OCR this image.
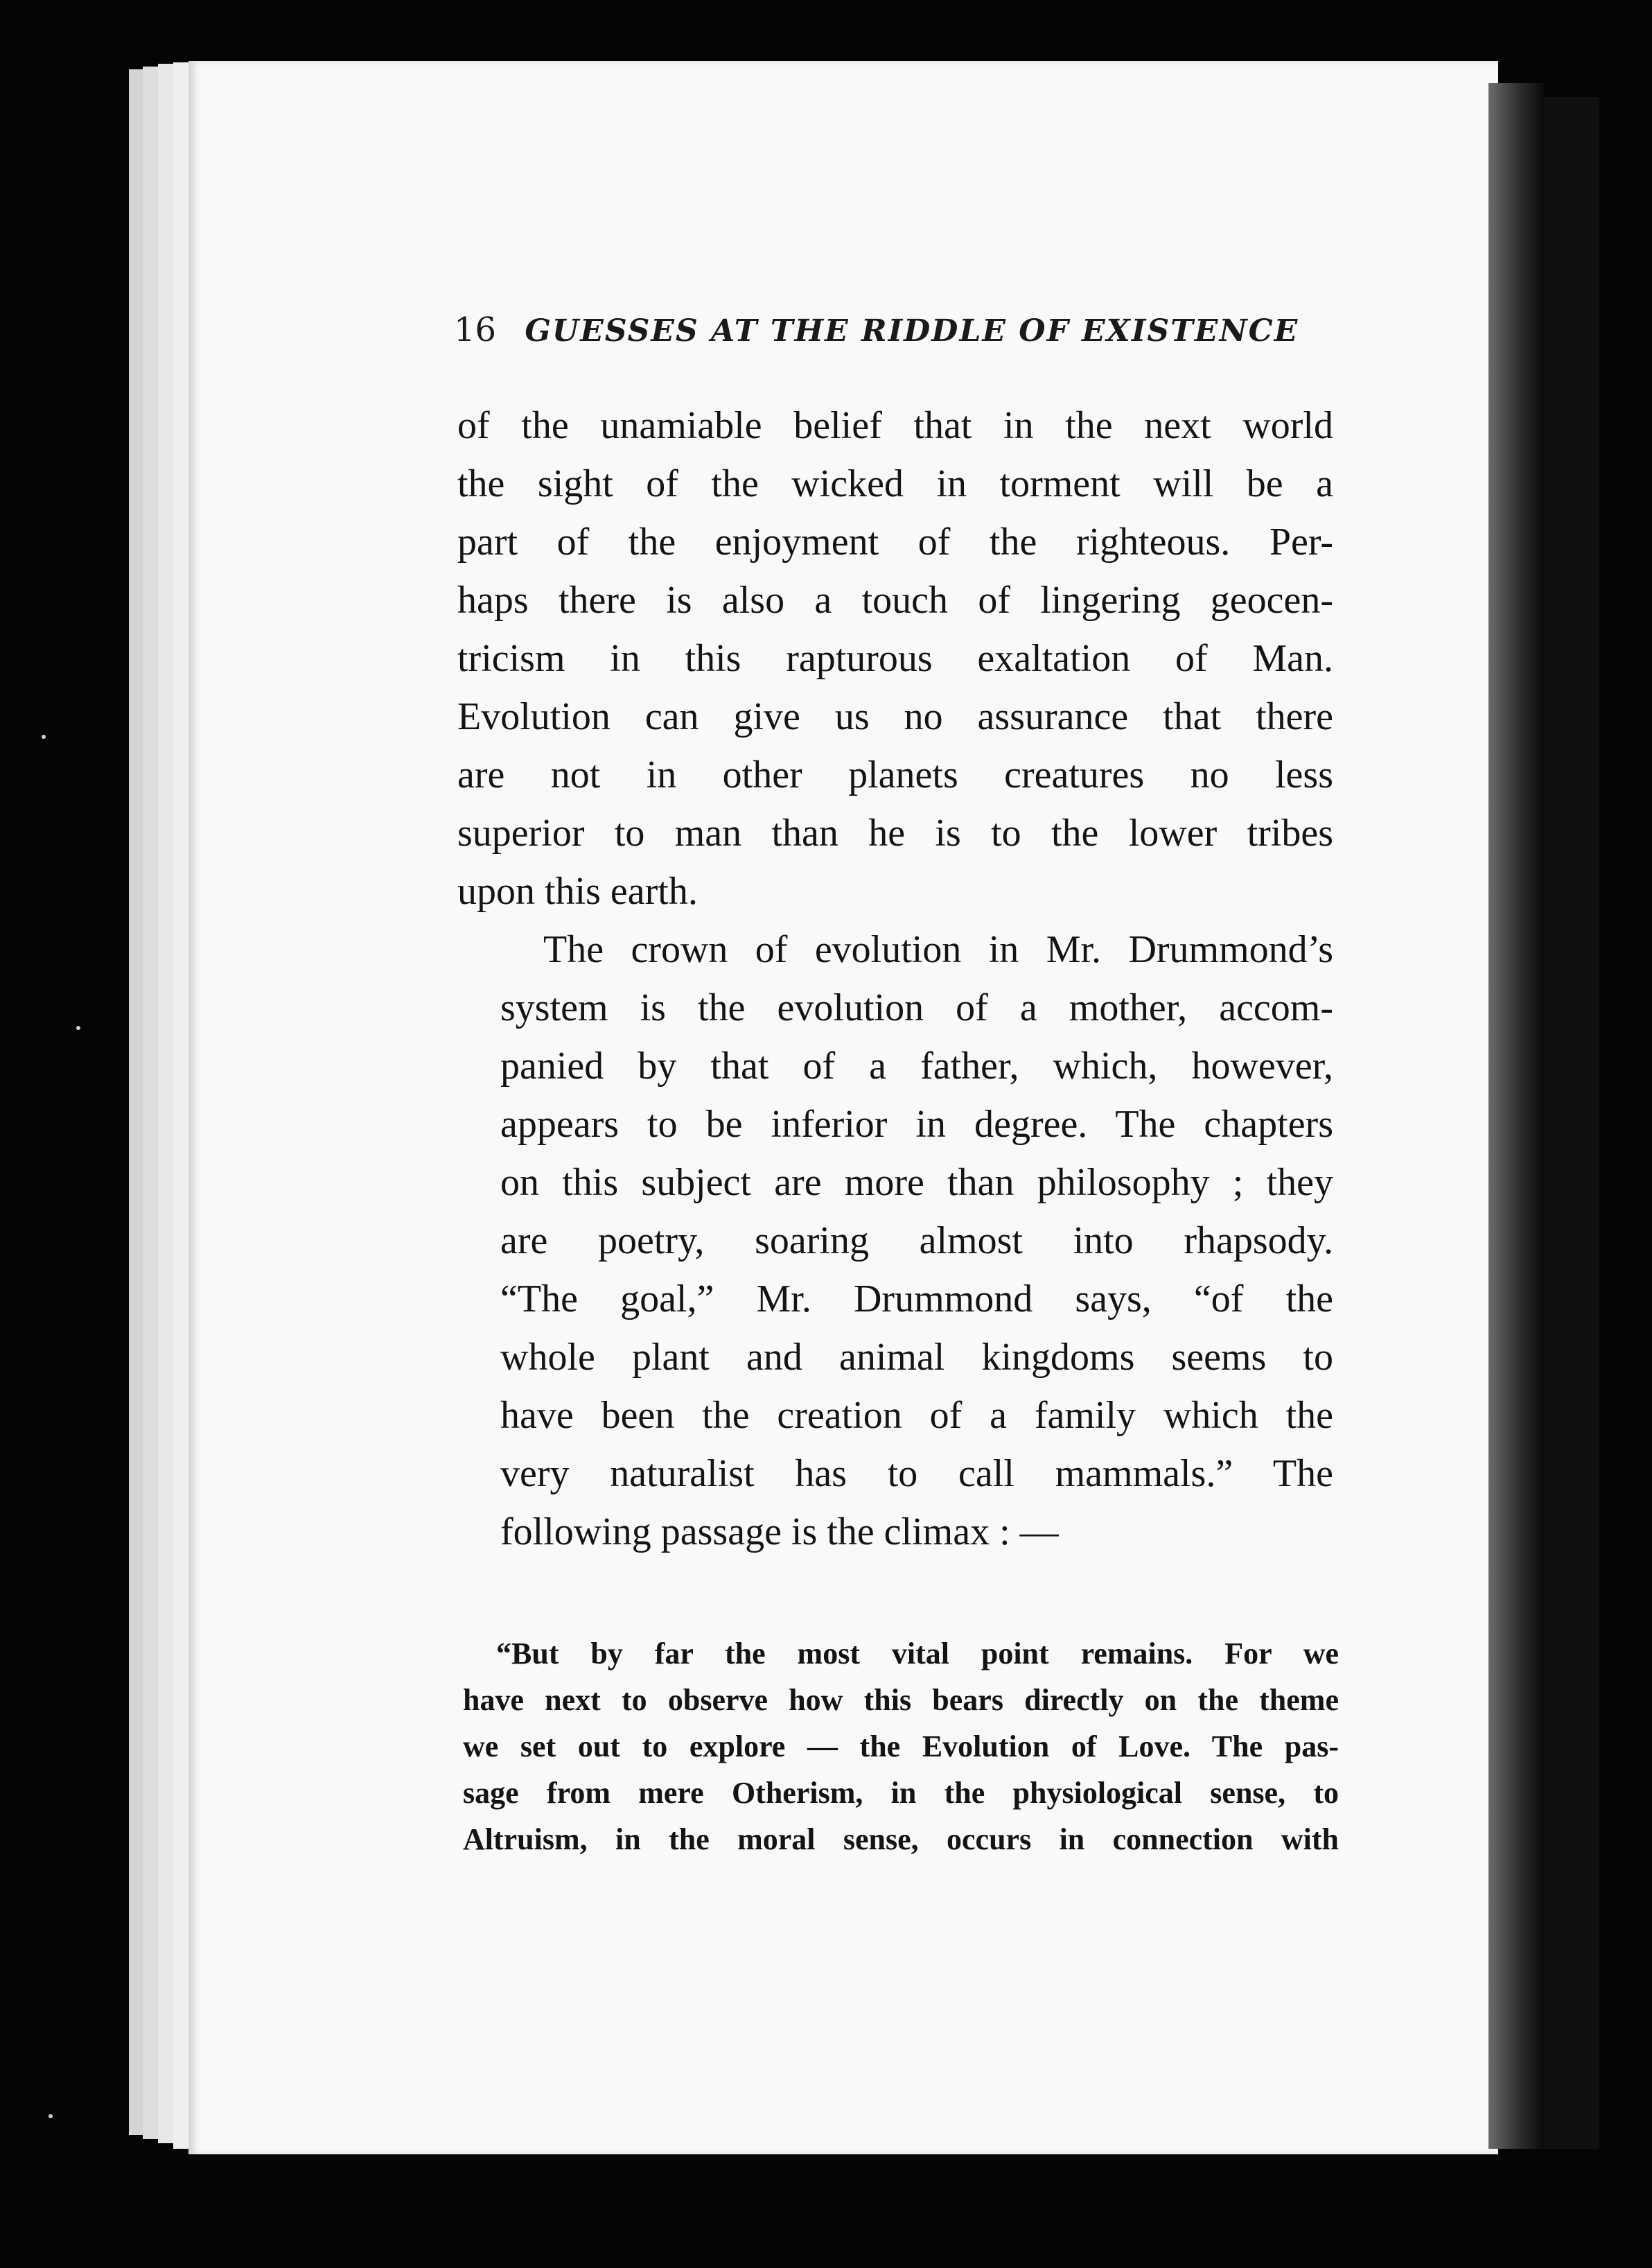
16 GUESSES AT THE RIDDLE OF EXISTENCE

of the unamiable belief that in the next world
the sight of the wicked in torment will be a
part of the enjoyment of the righteous. Per-
haps there is also a touch of lingering geocen-
tricism in this rapturous exaltation of Man.
Evolution can give us no assurance that there
are not in other planets creatures no less
superior to man than he is to the lower tribes
upon this earth.

The crown of evolution in Mr. Drummond’s
system is the evolution of a mother, accom-
panied by that of a father, which, however,
appears to be inferior in degree. The chapters
on this subject are more than philosophy ; they
are poetry, soaring almost into rhapsody.
“The goal,” Mr. Drummond says, “of the
whole plant and animal kingdoms seems to
have been the creation of a family which the
very naturalist has to call mammals.” The
following passage is the climax : —

“But by far the most vital point remains. For we
have next to observe how this bears directly on the theme
we set out to explore — the Evolution of Love. The pas-
sage from mere Otherism, in the physiological sense, to
Altruism, in the moral sense, occurs in connection with
